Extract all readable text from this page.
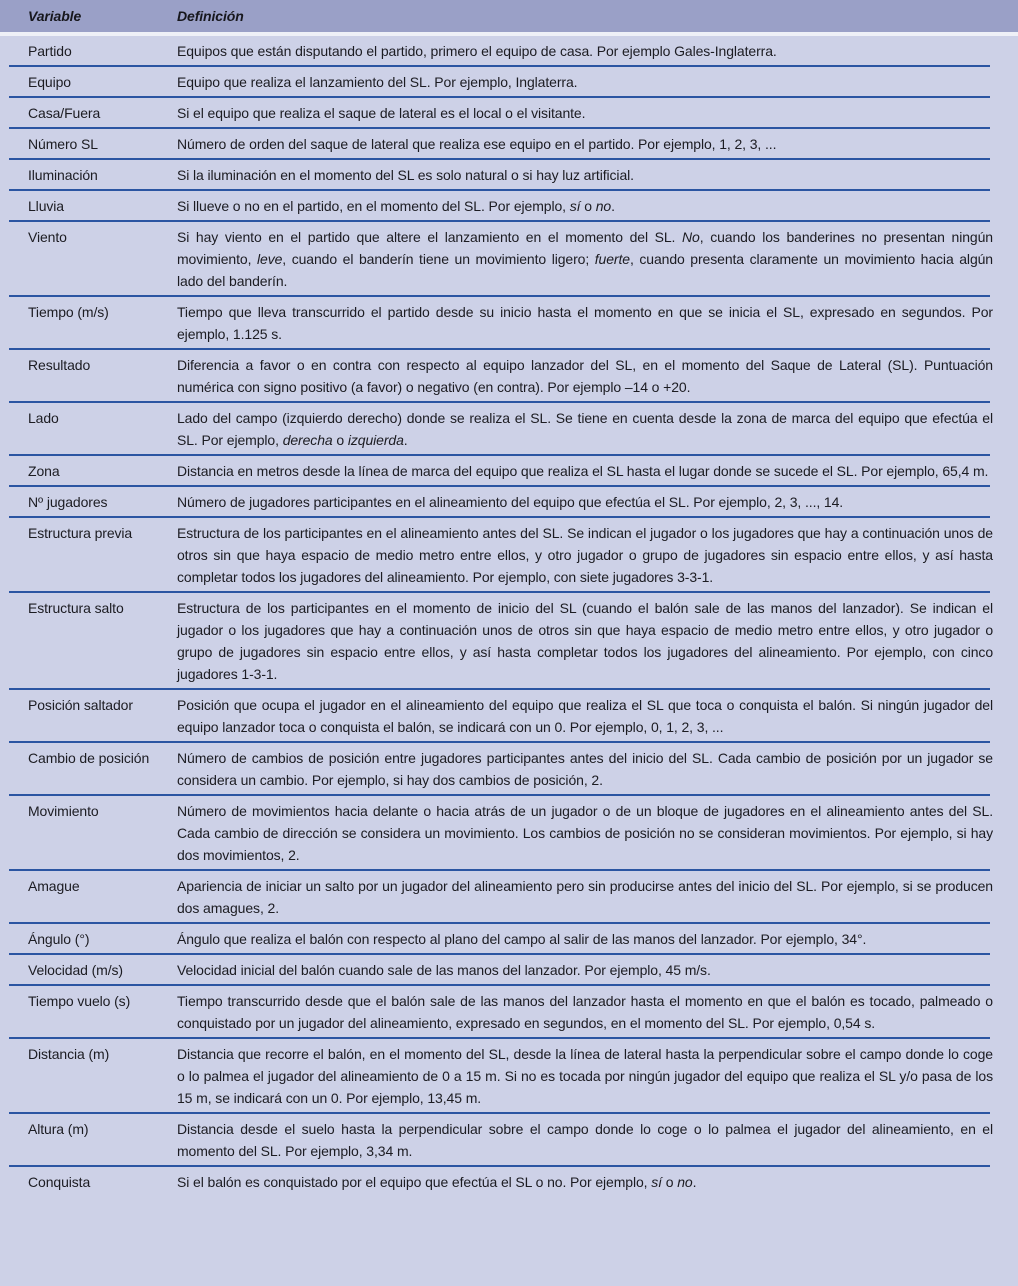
Variable	Definición
Partido	Equipos que están disputando el partido, primero el equipo de casa. Por ejemplo Gales-Inglaterra.
Equipo	Equipo que realiza el lanzamiento del SL. Por ejemplo, Inglaterra.
Casa/Fuera	Si el equipo que realiza el saque de lateral es el local o el visitante.
Número SL	Número de orden del saque de lateral que realiza ese equipo en el partido. Por ejemplo, 1, 2, 3, ...
Iluminación	Si la iluminación en el momento del SL es solo natural o si hay luz artificial.
Lluvia	Si llueve o no en el partido, en el momento del SL. Por ejemplo, sí o no.
Viento	Si hay viento en el partido que altere el lanzamiento en el momento del SL. No, cuando los banderines no presentan ningún movimiento, leve, cuando el banderín tiene un movimiento ligero; fuerte, cuando presenta claramente un movimiento hacia algún lado del banderín.
Tiempo (m/s)	Tiempo que lleva transcurrido el partido desde su inicio hasta el momento en que se inicia el SL, expresado en segundos. Por ejemplo, 1.125 s.
Resultado	Diferencia a favor o en contra con respecto al equipo lanzador del SL, en el momento del Saque de Lateral (SL). Puntuación numérica con signo positivo (a favor) o negativo (en contra). Por ejemplo –14 o +20.
Lado	Lado del campo (izquierdo derecho) donde se realiza el SL. Se tiene en cuenta desde la zona de marca del equipo que efectúa el SL. Por ejemplo, derecha o izquierda.
Zona	Distancia en metros desde la línea de marca del equipo que realiza el SL hasta el lugar donde se sucede el SL. Por ejemplo, 65,4 m.
Nº jugadores	Número de jugadores participantes en el alineamiento del equipo que efectúa el SL. Por ejemplo, 2, 3, ..., 14.
Estructura previa	Estructura de los participantes en el alineamiento antes del SL. Se indican el jugador o los jugadores que hay a continuación unos de otros sin que haya espacio de medio metro entre ellos, y otro jugador o grupo de jugadores sin espacio entre ellos, y así hasta completar todos los jugadores del alineamiento. Por ejemplo, con siete jugadores 3-3-1.
Estructura salto	Estructura de los participantes en el momento de inicio del SL (cuando el balón sale de las manos del lanzador). Se indican el jugador o los jugadores que hay a continuación unos de otros sin que haya espacio de medio metro entre ellos, y otro jugador o grupo de jugadores sin espacio entre ellos, y así hasta completar todos los jugadores del alineamiento. Por ejemplo, con cinco jugadores 1-3-1.
Posición saltador	Posición que ocupa el jugador en el alineamiento del equipo que realiza el SL que toca o conquista el balón. Si ningún jugador del equipo lanzador toca o conquista el balón, se indicará con un 0. Por ejemplo, 0, 1, 2, 3, ...
Cambio de posición	Número de cambios de posición entre jugadores participantes antes del inicio del SL. Cada cambio de posición por un jugador se considera un cambio. Por ejemplo, si hay dos cambios de posición, 2.
Movimiento	Número de movimientos hacia delante o hacia atrás de un jugador o de un bloque de jugadores en el alineamiento antes del SL. Cada cambio de dirección se considera un movimiento. Los cambios de posición no se consideran movimientos. Por ejemplo, si hay dos movimientos, 2.
Amague	Apariencia de iniciar un salto por un jugador del alineamiento pero sin producirse antes del inicio del SL. Por ejemplo, si se producen dos amagues, 2.
Ángulo (°)	Ángulo que realiza el balón con respecto al plano del campo al salir de las manos del lanzador. Por ejemplo, 34°.
Velocidad (m/s)	Velocidad inicial del balón cuando sale de las manos del lanzador. Por ejemplo, 45 m/s.
Tiempo vuelo (s)	Tiempo transcurrido desde que el balón sale de las manos del lanzador hasta el momento en que el balón es tocado, palmeado o conquistado por un jugador del alineamiento, expresado en segundos, en el momento del SL. Por ejemplo, 0,54 s.
Distancia (m)	Distancia que recorre el balón, en el momento del SL, desde la línea de lateral hasta la perpendicular sobre el campo donde lo coge o lo palmea el jugador del alineamiento de 0 a 15 m. Si no es tocada por ningún jugador del equipo que realiza el SL y/o pasa de los 15 m, se indicará con un 0. Por ejemplo, 13,45 m.
Altura (m)	Distancia desde el suelo hasta la perpendicular sobre el campo donde lo coge o lo palmea el jugador del alineamiento, en el momento del SL. Por ejemplo, 3,34 m.
Conquista	Si el balón es conquistado por el equipo que efectúa el SL o no. Por ejemplo, sí o no.
